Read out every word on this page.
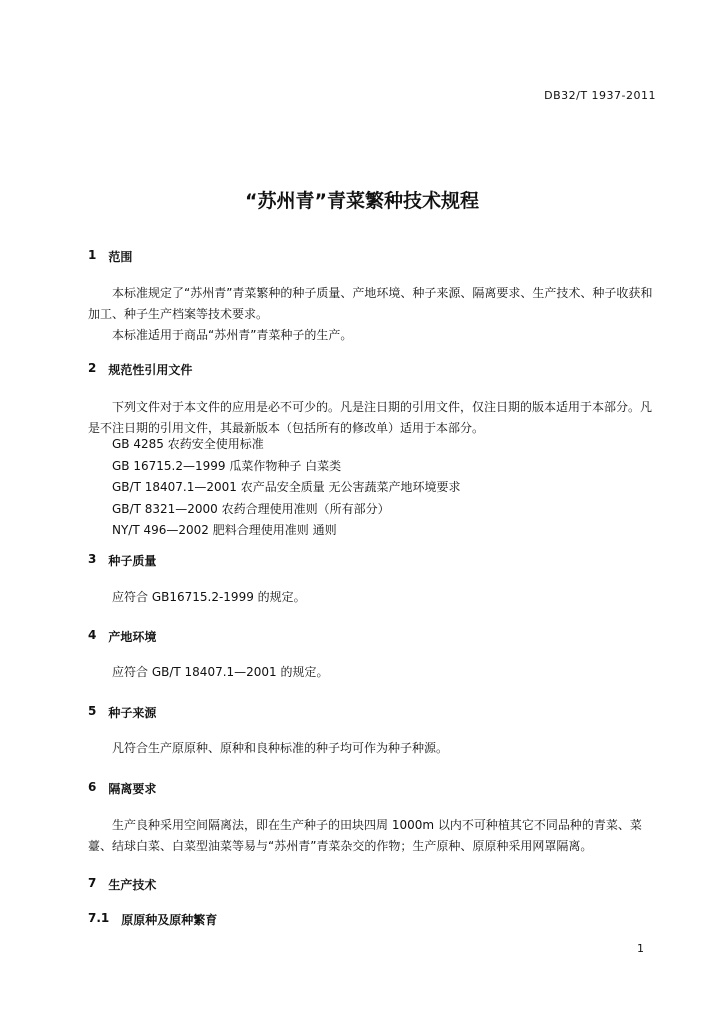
DB32/T 1937-2011
“苏州青”青菜繁种技术规程
1 范围

本标准规定了“苏州青”青菜繁种的种子质量、产地环境、种子来源、隔离要求、生产技术、种子收获和加工、种子生产档案等技术要求。

本标准适用于商品“苏州青”青菜种子的生产。

2 规范性引用文件

下列文件对于本文件的应用是必不可少的。凡是注日期的引用文件，仅注日期的版本适用于本部分。凡是不注日期的引用文件，其最新版本（包括所有的修改单）适用于本部分。

GB 4285 农药安全使用标准
GB 16715.2—1999 瓜菜作物种子 白菜类
GB/T 18407.1—2001 农产品安全质量 无公害蔬菜产地环境要求
GB/T 8321—2000 农药合理使用准则（所有部分）
NY/T 496—2002 肥料合理使用准则 通则
3 种子质量

应符合 GB16715.2-1999 的规定。

4 产地环境

应符合 GB/T 18407.1—2001 的规定。

5 种子来源

凡符合生产原原种、原种和良种标准的种子均可作为种子种源。

6 隔离要求

生产良种采用空间隔离法，即在生产种子的田块四周 1000m 以内不可种植其它不同品种的青菜、菜薹、结球白菜、白菜型油菜等易与“苏州青”青菜杂交的作物；生产原种、原原种采用网罩隔离。

7 生产技术
7.1 原原种及原种繁育
1
